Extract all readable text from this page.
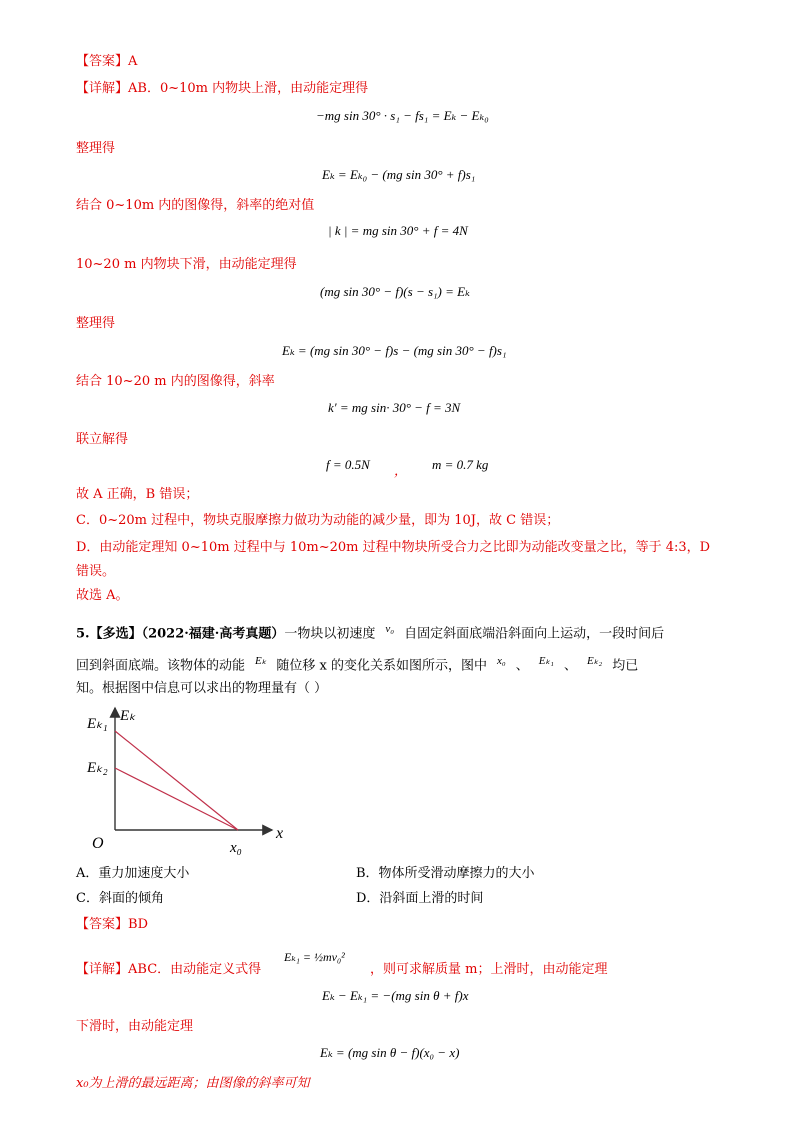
【答案】A
【详解】AB．0~10m 内物块上滑，由动能定理得
−mg sin 30° · s₁ − fs₁ = Eₖ − Eₖ₀
整理得
Eₖ = Eₖ₀ − (mg sin 30° + f)s₁
结合 0~10m 内的图像得，斜率的绝对值
| k | = mg sin 30° + f = 4N
10~20 m 内物块下滑，由动能定理得
(mg sin 30° − f)(s − s₁) = Eₖ
整理得
Eₖ = (mg sin 30° − f)s − (mg sin 30° − f)s₁
结合 10~20 m 内的图像得，斜率
k′ = mg sin· 30° − f = 3N
联立解得
f = 0.5N ， m = 0.7 kg
故 A 正确，B 错误；
C．0~20m 过程中，物块克服摩擦力做功为动能的减少量，即为 10J，故 C 错误；
D．由动能定理知 0~10m 过程中与 10m~20m 过程中物块所受合力之比即为动能改变量之比，等于 4:3，D
错误。
故选 A。
5.【多选】（2022·福建·高考真题）一物块以初速度 v₀ 自固定斜面底端沿斜面向上运动，一段时间后
回到斜面底端。该物体的动能 Eₖ 随位移 x 的变化关系如图所示，图中 x₀ 、 Eₖ₁ 、 Eₖ₂ 均已
知。根据图中信息可以求出的物理量有（ ）
Eₖ
Eₖ₁
Eₖ₂
O
x
x₀
A．重力加速度大小	B．物体所受滑动摩擦力的大小
C．斜面的倾角	D．沿斜面上滑的时间
【答案】BD
【详解】ABC．由动能定义式得
Eₖ₁ = ½mv₀²
，则可求解质量 m；上滑时，由动能定理
Eₖ − Eₖ₁ = −(mg sin θ + f)x
下滑时，由动能定理
Eₖ = (mg sin θ − f)(x₀ − x)
x₀为上滑的最远距离；由图像的斜率可知
